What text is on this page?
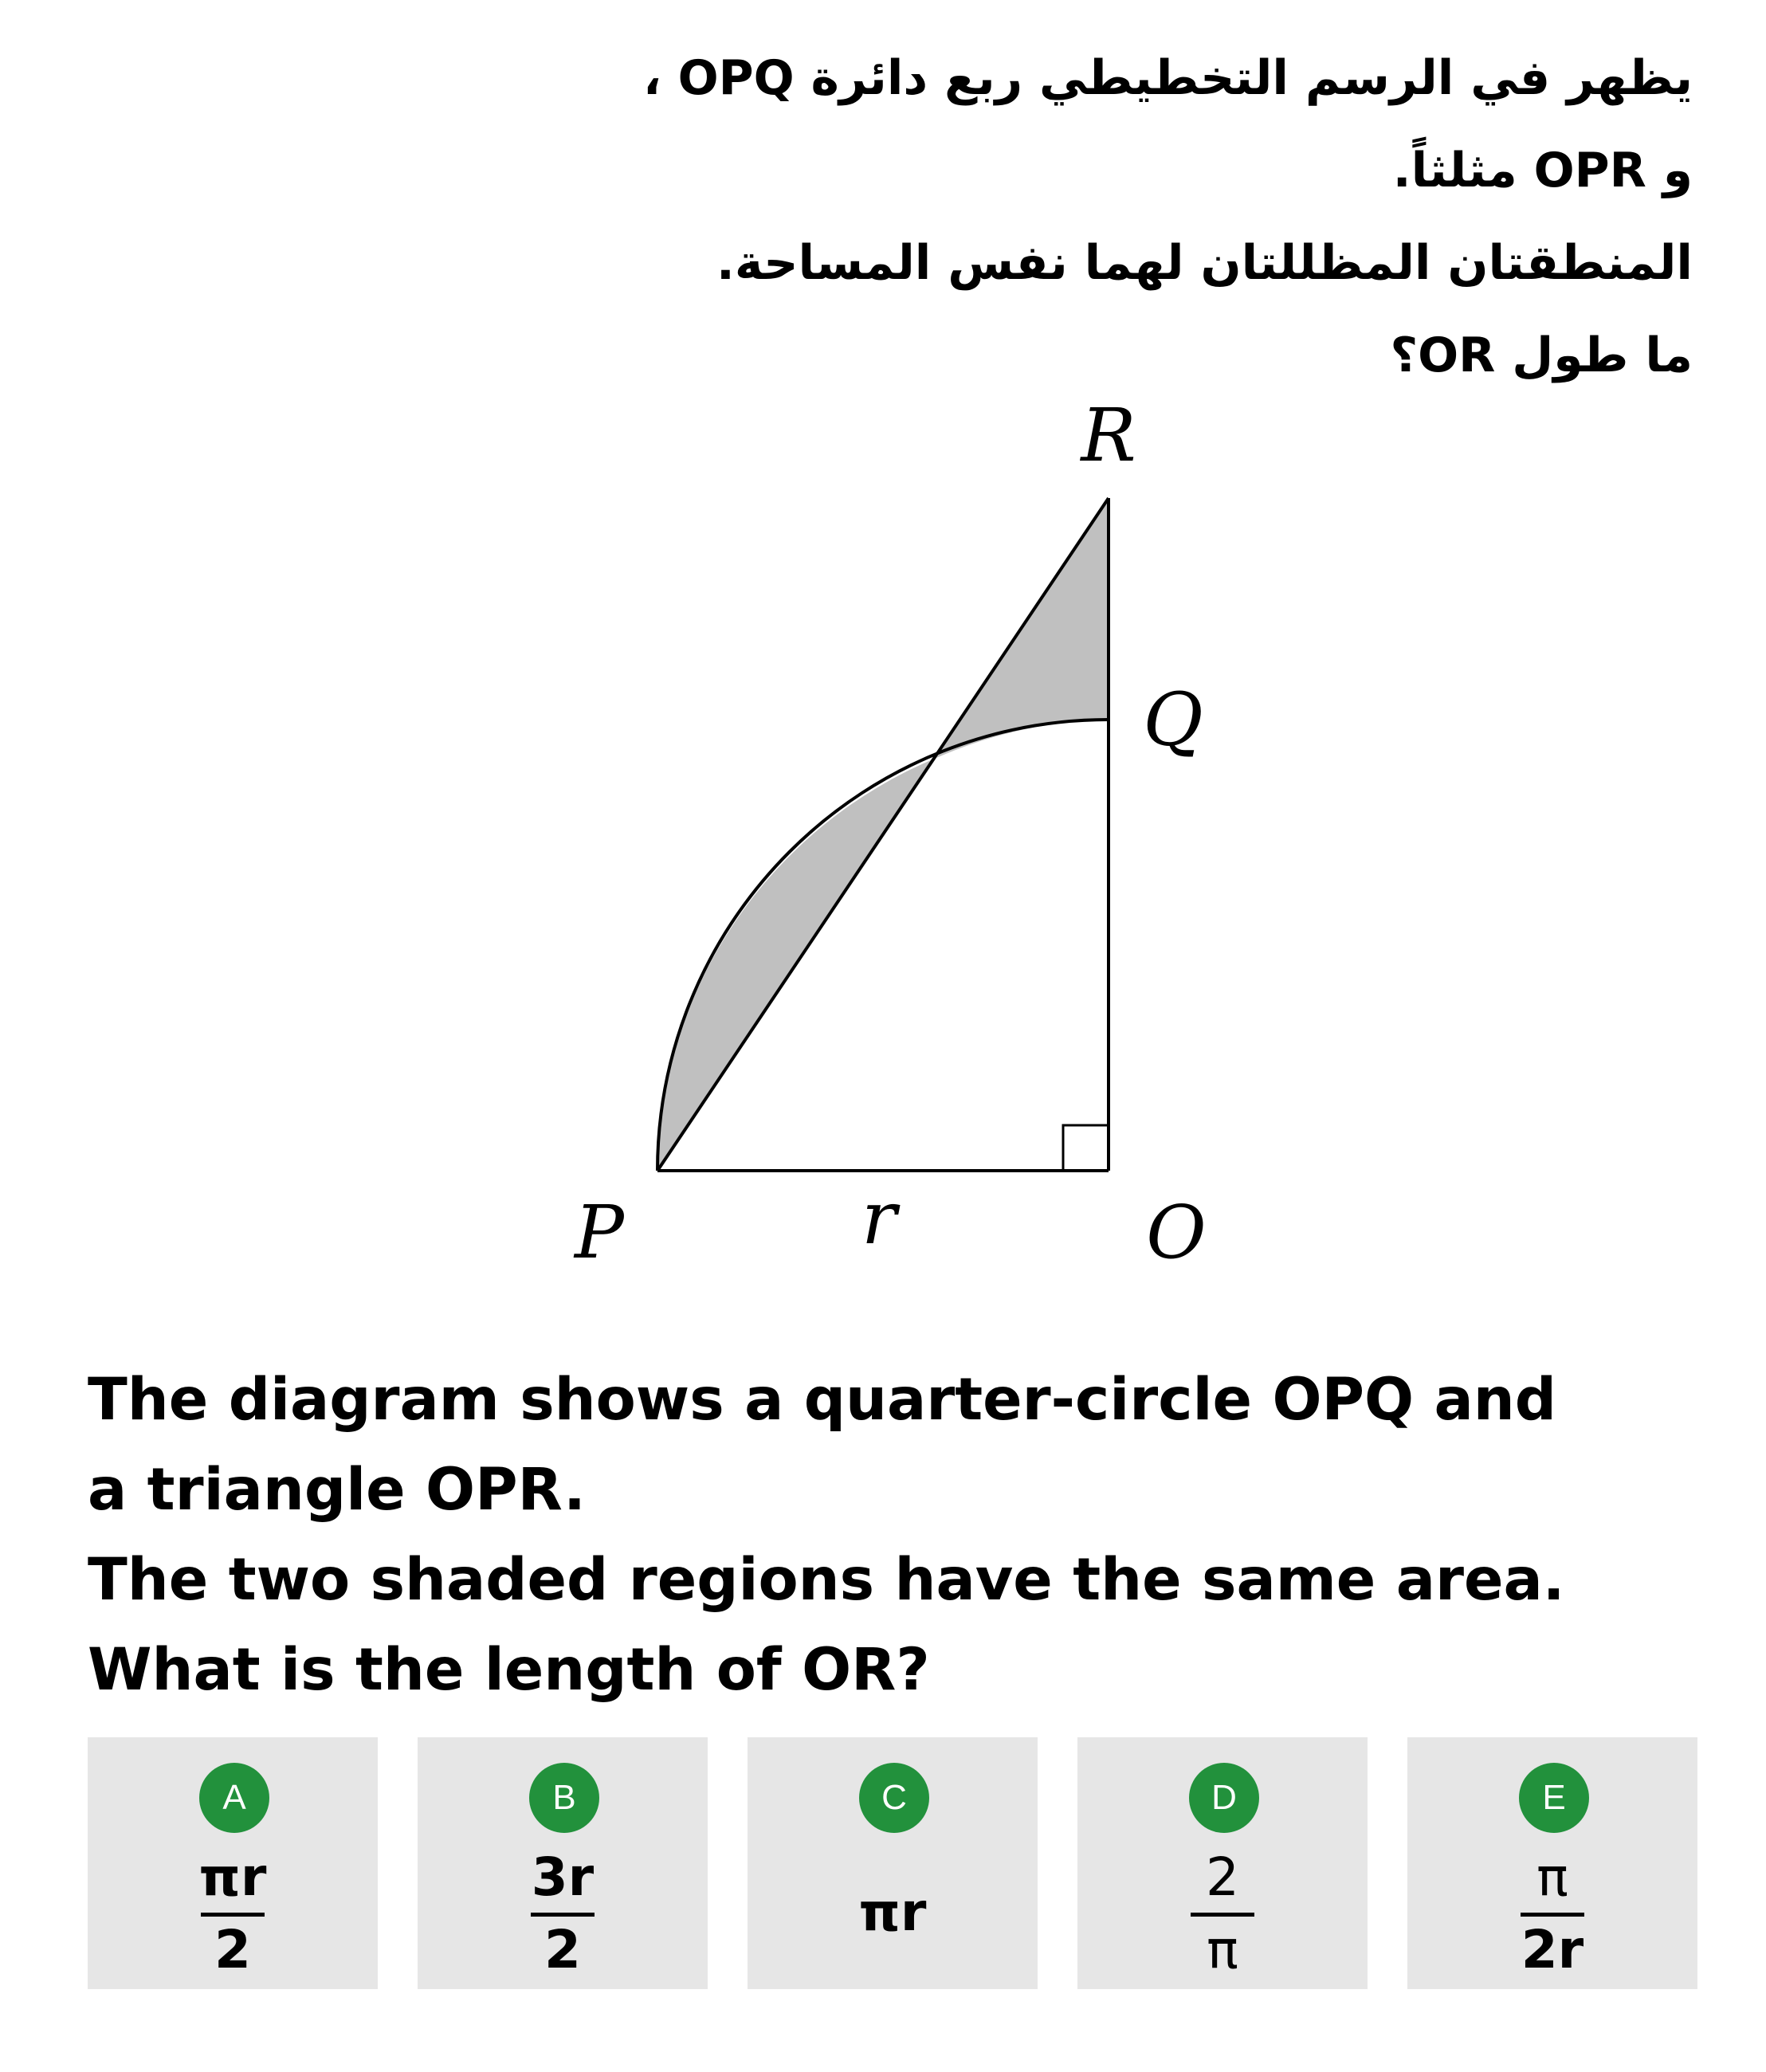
يظهر في الرسم التخطيطي ربع دائرة OPQ ،
و OPR مثلثاً.
المنطقتان المظللتان لهما نفس المساحة.
ما طول OR؟
R
Q
P	r	O
The diagram shows a quarter-circle OPQ and
a triangle OPR.
The two shaded regions have the same area.
What is the length of OR?
A
πr
2
B
3r
2
C
πr
D
2
π
E
π
2r
